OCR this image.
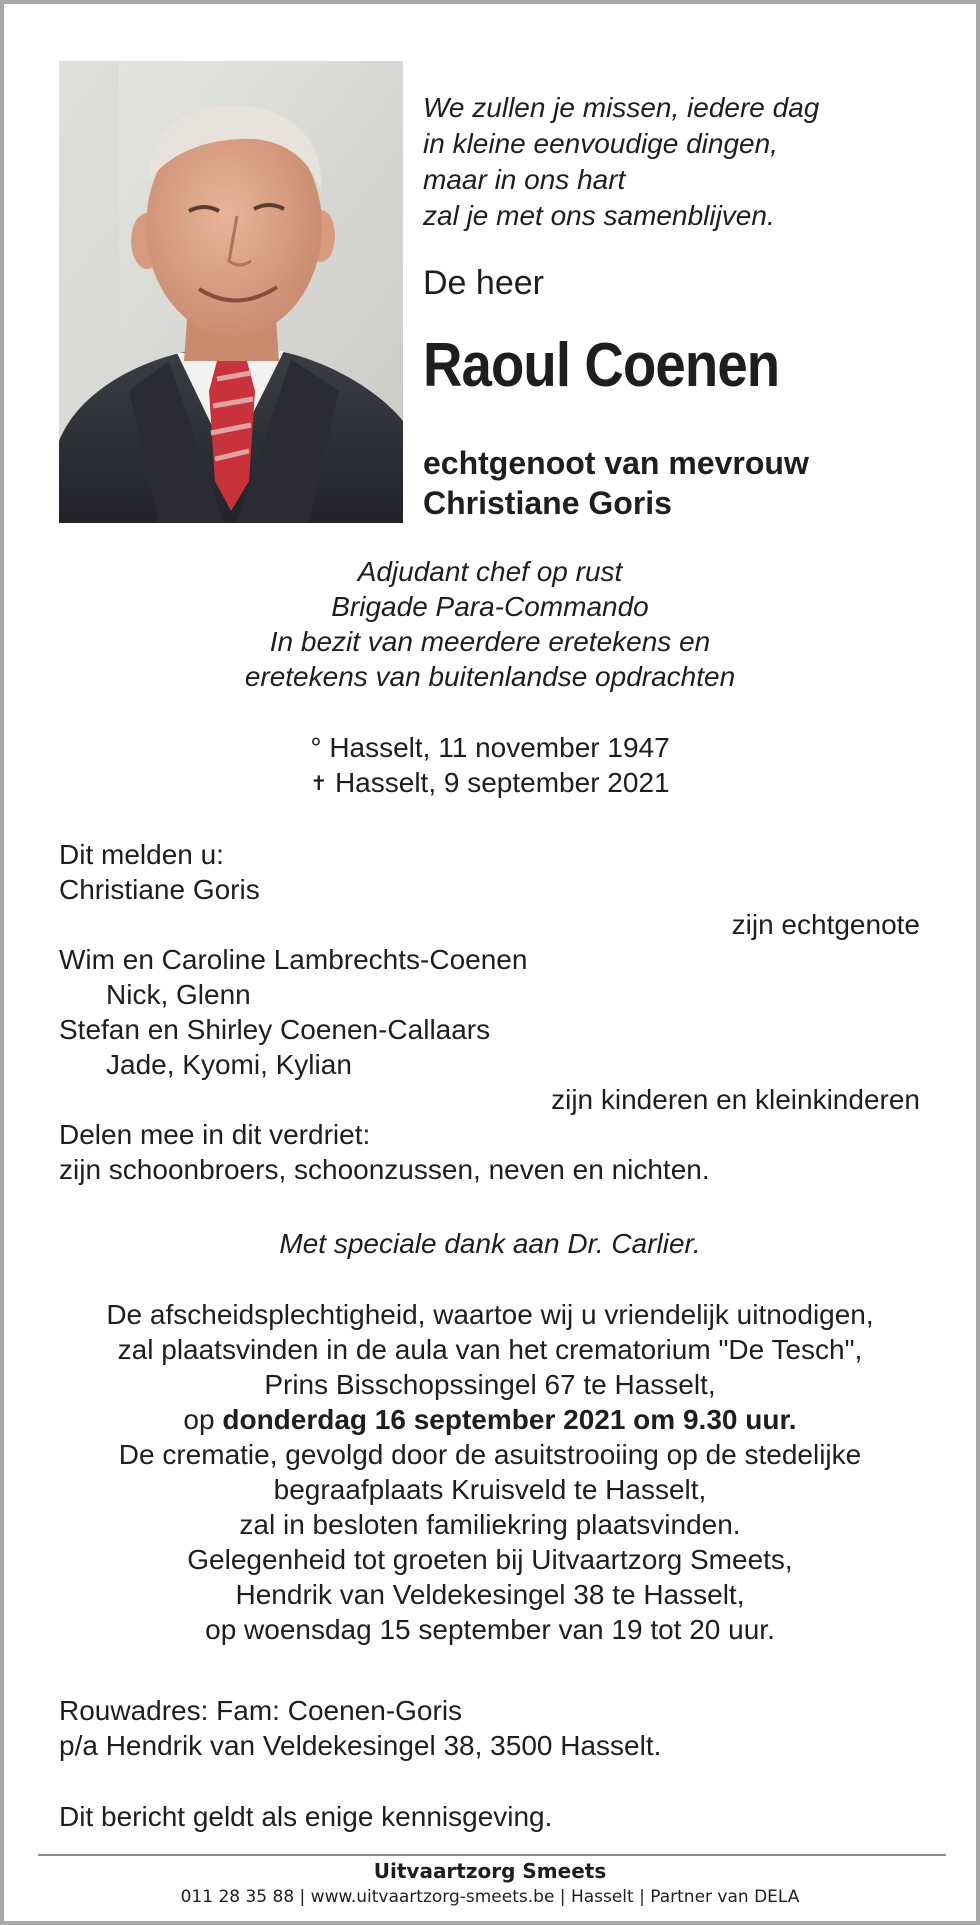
We zullen je missen, iedere dag
in kleine eenvoudige dingen,
maar in ons hart
zal je met ons samenblijven.
De heer
Raoul Coenen
echtgenoot van mevrouw
Christiane Goris
Adjudant chef op rust
Brigade Para-Commando
In bezit van meerdere eretekens en
eretekens van buitenlandse opdrachten
° Hasselt, 11 november 1947
✝ Hasselt, 9 september 2021
Dit melden u:
Christiane Goris
zijn echtgenote
Wim en Caroline Lambrechts-Coenen
Nick, Glenn
Stefan en Shirley Coenen-Callaars
Jade, Kyomi, Kylian
zijn kinderen en kleinkinderen
Delen mee in dit verdriet:
zijn schoonbroers, schoonzussen, neven en nichten.
Met speciale dank aan Dr. Carlier.
De afscheidsplechtigheid, waartoe wij u vriendelijk uitnodigen,
zal plaatsvinden in de aula van het crematorium "De Tesch",
Prins Bisschopssingel 67 te Hasselt,
op donderdag 16 september 2021 om 9.30 uur.
De crematie, gevolgd door de asuitstrooiing op de stedelijke
begraafplaats Kruisveld te Hasselt,
zal in besloten familiekring plaatsvinden.
Gelegenheid tot groeten bij Uitvaartzorg Smeets,
Hendrik van Veldekesingel 38 te Hasselt,
op woensdag 15 september van 19 tot 20 uur.
Rouwadres: Fam: Coenen-Goris
p/a Hendrik van Veldekesingel 38, 3500 Hasselt.
Dit bericht geldt als enige kennisgeving.
Uitvaartzorg Smeets
011 28 35 88 | www.uitvaartzorg-smeets.be | Hasselt | Partner van DELA
